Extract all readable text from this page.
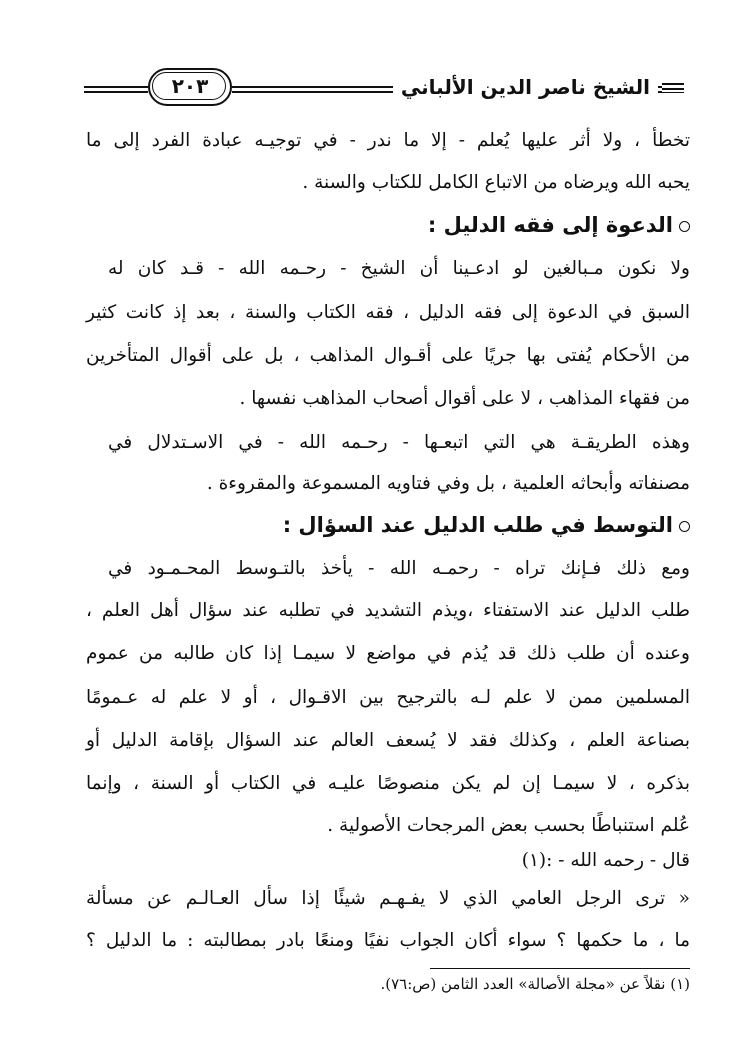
الشيخ ناصر الدين الألباني
٢٠٣
تخطأ ، ولا أثر عليها يُعلم - إلا ما ندر - في توجيـه عبادة الفرد إلى ما
يحبه الله ويرضاه من الاتباع الكامل للكتاب والسنة .
الدعوة إلى فقه الدليل :
ولا نكون مـبالغين لو ادعـينا أن الشيخ - رحـمه الله - قـد كان له
السبق في الدعوة إلى فقه الدليل ، فقه الكتاب والسنة ، بعد إذ كانت كثير
من الأحكام يُفتى بها جريًا على أقـوال المذاهب ، بل على أقوال المتأخرين
من فقهاء المذاهب ، لا على أقوال أصحاب المذاهب نفسها .
وهذه الطريقـة هي التي اتبعـها - رحـمه الله - في الاسـتدلال في
مصنفاته وأبحاثه العلمية ، بل وفي فتاويه المسموعة والمقروءة .
التوسط في طلب الدليل عند السؤال :
ومع ذلك فـإنك تراه - رحمـه الله - يأخذ بالتـوسط المحـمـود في
طلب الدليل عند الاستفتاء ،ويذم التشديد في تطلبه عند سؤال أهل العلم ،
وعنده أن طلب ذلك قد يُذم في مواضع لا سيمـا إذا كان طالبه من عموم
المسلمين ممن لا علم لـه بالترجيح بين الاقـوال ، أو لا علم له عـمومًا
بصناعة العلم ، وكذلك فقد لا يُسعف العالم عند السؤال بإقامة الدليل أو
بذكره ، لا سيمـا إن لم يكن منصوصًا عليـه في الكتاب أو السنة ، وإنما
عُلم استنباطًا بحسب بعض المرجحات الأصولية .
قال - رحمه الله - :(١)
« ترى الرجل العامي الذي لا يفـهـم شيئًا إذا سأل العـالـم عن مسألة
ما ، ما حكمها ؟ سواء أكان الجواب نفيًا ومنعًا بادر بمطالبته : ما الدليل ؟
(١) نقلاً عن «مجلة الأصالة» العدد الثامن (ص:٧٦).
